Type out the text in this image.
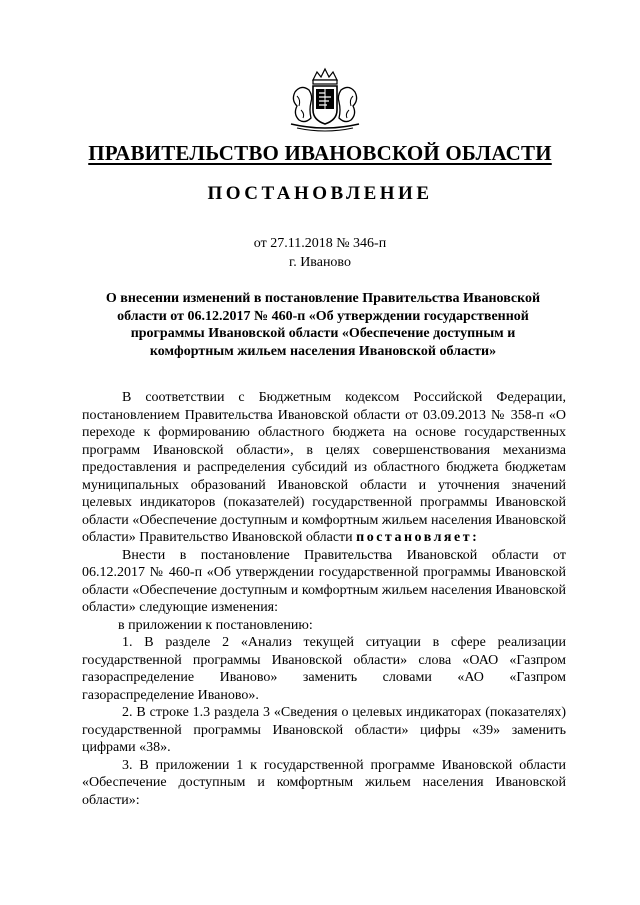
ПРАВИТЕЛЬСТВО ИВАНОВСКОЙ ОБЛАСТИ
ПОСТАНОВЛЕНИЕ
от 27.11.2018 № 346-п
г. Иваново
О внесении изменений в постановление Правительства Ивановской области от 06.12.2017 № 460-п «Об утверждении государственной программы Ивановской области «Обеспечение доступным и комфортным жильем населения Ивановской области»

В соответствии с Бюджетным кодексом Российской Федерации, постановлением Правительства Ивановской области от 03.09.2013 № 358-п «О переходе к формированию областного бюджета на основе государственных программ Ивановской области», в целях совершенствования механизма предоставления и распределения субсидий из областного бюджета бюджетам муниципальных образований Ивановской области и уточнения значений целевых индикаторов (показателей) государственной программы Ивановской области «Обеспечение доступным и комфортным жильем населения Ивановской области» Правительство Ивановской области постановляет:

Внести в постановление Правительства Ивановской области от 06.12.2017 № 460-п «Об утверждении государственной программы Ивановской области «Обеспечение доступным и комфортным жильем населения Ивановской области» следующие изменения:

в приложении к постановлению:

1. В разделе 2 «Анализ текущей ситуации в сфере реализации государственной программы Ивановской области» слова «ОАО «Газпром газораспределение Иваново» заменить словами «АО «Газпром газораспределение Иваново».

2. В строке 1.3 раздела 3 «Сведения о целевых индикаторах (показателях) государственной программы Ивановской области» цифры «39» заменить цифрами «38».

3. В приложении 1 к государственной программе Ивановской области «Обеспечение доступным и комфортным жильем населения Ивановской области»:
